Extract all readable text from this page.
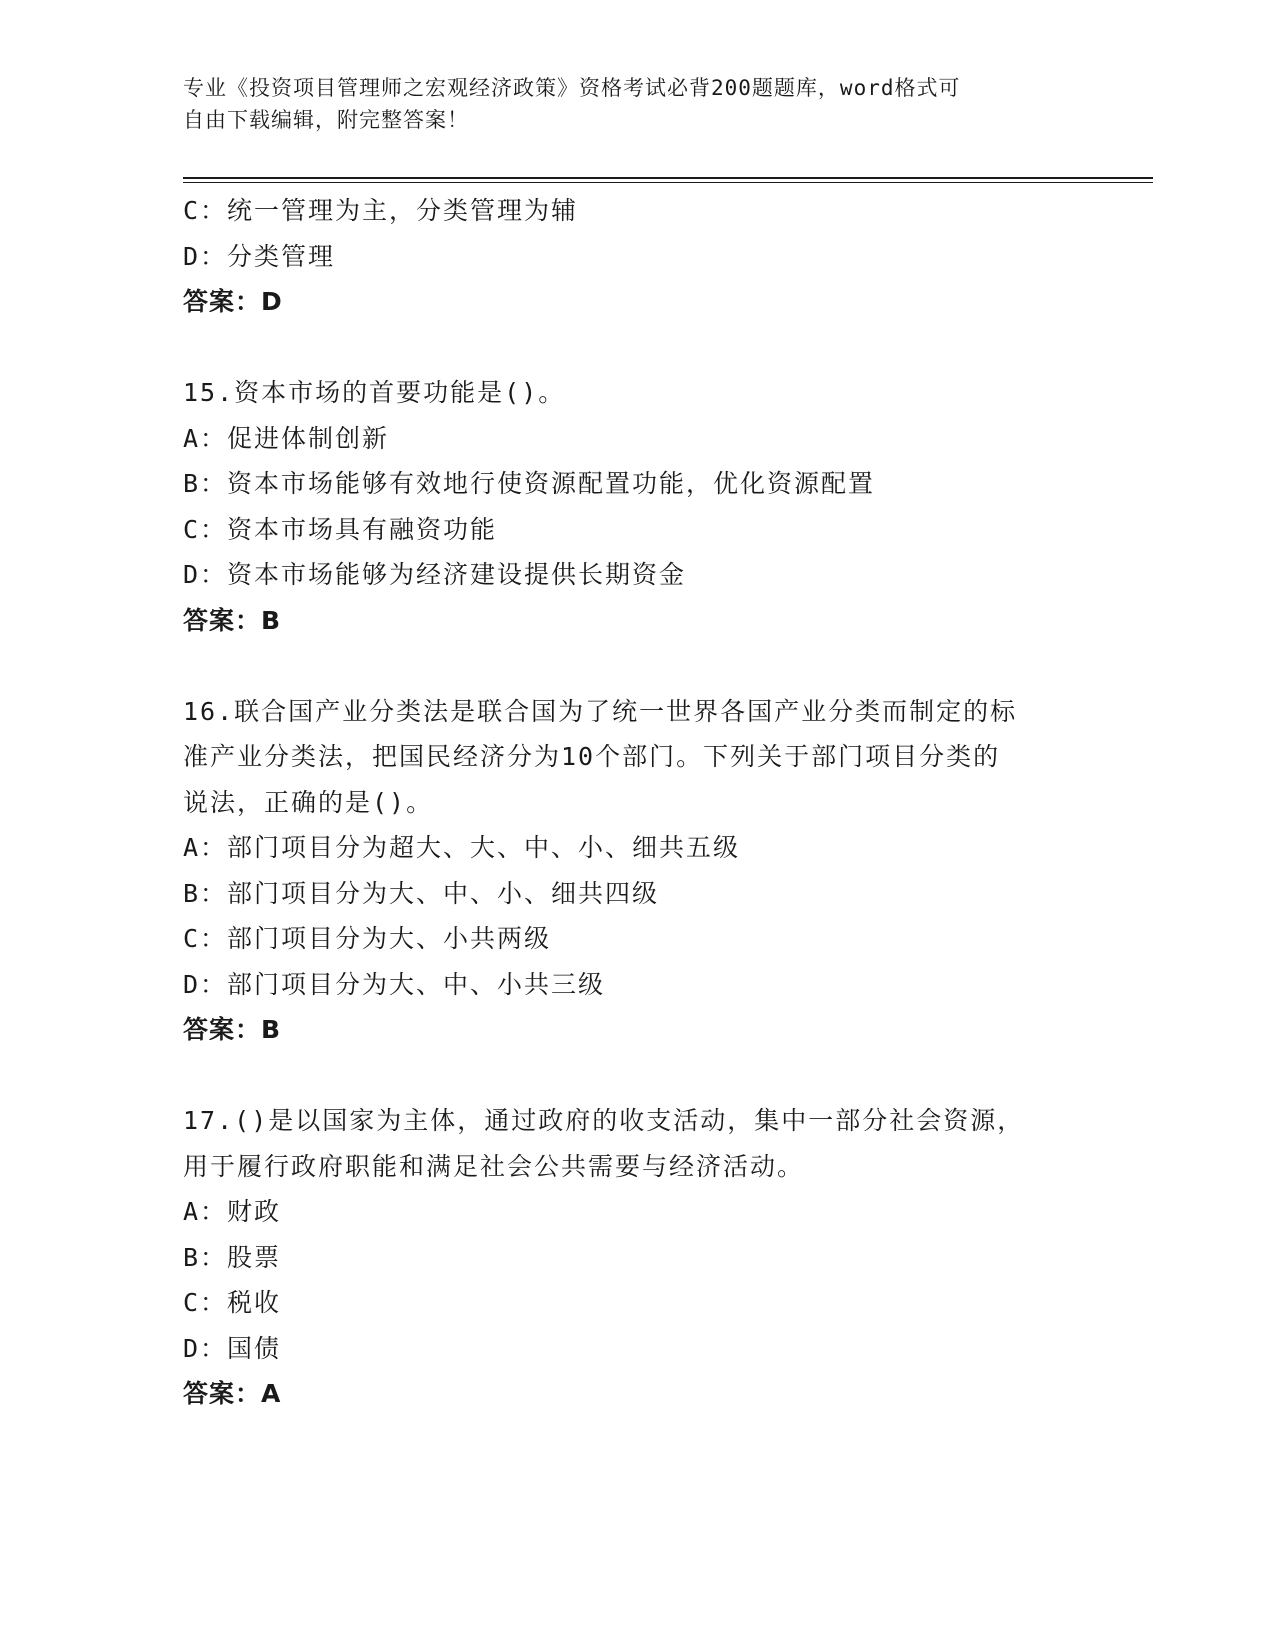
专业《投资项目管理师之宏观经济政策》资格考试必背200题题库，word格式可
自由下载编辑，附完整答案！
C：统一管理为主，分类管理为辅
D：分类管理
答案：D
15.资本市场的首要功能是()。
A：促进体制创新
B：资本市场能够有效地行使资源配置功能，优化资源配置
C：资本市场具有融资功能
D：资本市场能够为经济建设提供长期资金
答案：B
16.联合国产业分类法是联合国为了统一世界各国产业分类而制定的标
准产业分类法，把国民经济分为10个部门。下列关于部门项目分类的
说法，正确的是()。
A：部门项目分为超大、大、中、小、细共五级
B：部门项目分为大、中、小、细共四级
C：部门项目分为大、小共两级
D：部门项目分为大、中、小共三级
答案：B
17.()是以国家为主体，通过政府的收支活动，集中一部分社会资源，
用于履行政府职能和满足社会公共需要与经济活动。
A：财政
B：股票
C：税收
D：国债
答案：A
